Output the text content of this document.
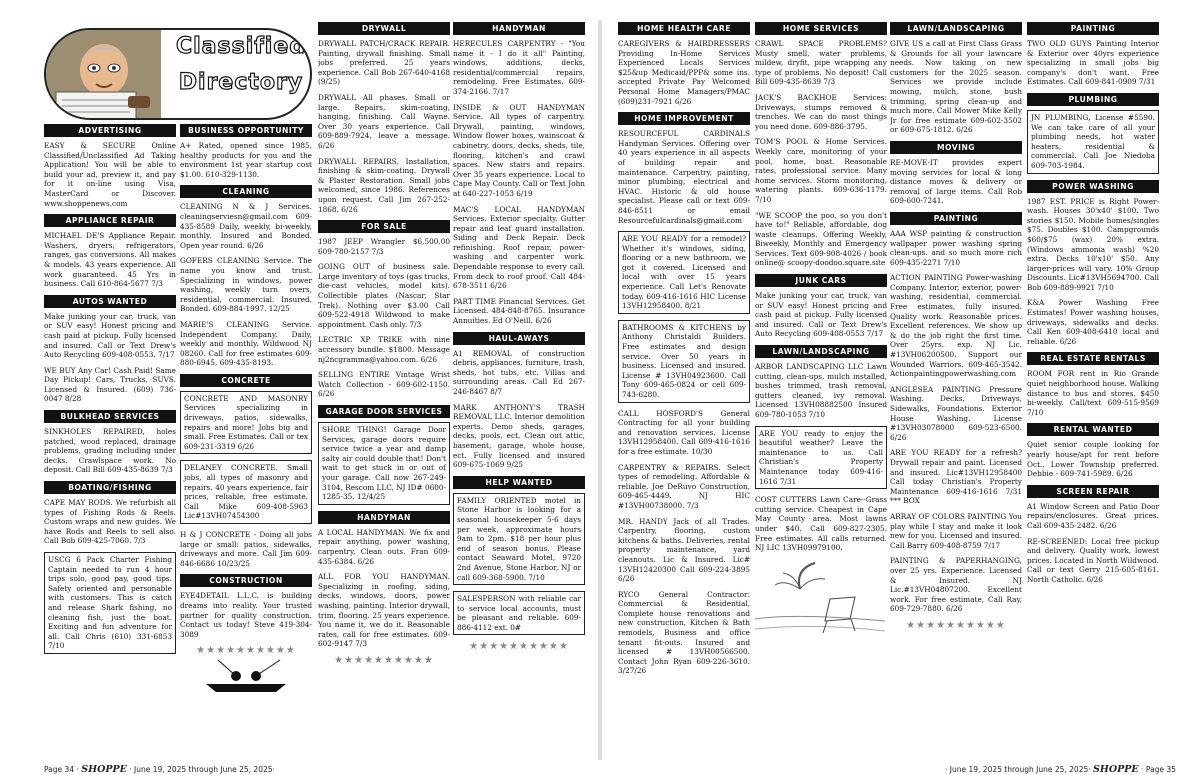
Classified
Directory
ADVERTISING
EASY & SECURE Online Classified/Unclassified Ad Taking Application! You will be able to build your ad, preview it, and pay for it on-line using Visa, MasterCard or Discover. www.shoppenews.com
APPLIANCE REPAIR
MICHAEL DE'S Appliance Repair. Washers, dryers, refrigerators, ranges, gas conversions. All makes & models. 43 years experience. All work guaranteed. 45 Yrs in business. Call 610-864-5677 7/3
AUTOS WANTED
Make junking your car, truck, van or SUV easy! Honest pricing and cash paid at pickup. Fully licensed and insured. Call or Text Drew's Auto Recycling 609-408-0553. 7/17
WE BUY Any Car! Cash Paid! Same Day Pickup! Cars, Trucks, SUVS. Licensed & Insured. (609) 736-0047 8/28
BULKHEAD SERVICES
SINKHOLES REPAIRED, holes patched, wood replaced, drainage problems, grading including under decks. Crawlspace work. No deposit. Call Bill 609-435-8639 7/3
BOATING/FISHING
CAPE MAY RODS. We refurbish all types of Fishing Rods & Reels. Custom wraps and new guides. We have Rods and Reels to sell also. Call Bob 609-425-7060. 7/3
USCG 6 Pack Charter Fishing Captain needed to run 4 hour trips solo, good pay, good tips. Safety oriented and personable with customers. This is catch and release Shark fishing, no cleaning fish, just the boat. Exciting and fun adventure for all. Call Chris (610) 331-6853 7/10
BUSINESS OPPORTUNITY
A+ Rated, opened since 1985, healthy products for you and the environment 1st year startup cost $1.00. 610-329-1130.
CLEANING
CLEANING N & J Services. cleaningserviesn@gmail.com 609-435-8589 Daily, weekly, bi-weekly, monthly. Insured and Bonded. Open year round. 6/26
GOFERS CLEANING Service. The name you know and trust. Specializing in windows, power washing, weekly turn overs, residential, commercial. Insured, Bonded. 609-884-1997. 12/25
MARIE'S CLEANING Service. Independent Company. Daily, weekly and monthly. Wildwood NJ 08260. Call for free estimates 609-880-6945, 609-435-8193.
CONCRETE
CONCRETE AND MASONRY Services specializing in driveways, patios, sidewalks, repairs and more! Jobs big and small. Free Estimates. Call or tex 609-231-3319 6/26
DELANEY CONCRETE. Small jobs, all types of masonry and repairs. 40 years experience, fair prices, reliable, free estimate. Call Mike 609-408-5963 Lic#13VH07454300
H & J CONCRETE - Doing all jobs large or small: patios, sidewalks, driveways and more. Call Jim 609-846-6686 10/23/25
CONSTRUCTION
EYE4DETAIL L.L.C. is building dreams into reality. Your trusted partner for quality construction. Contact us today! Steve 419-304-3089
★★★★★★★★★★
DRYWALL
DRYWALL PATCH/CRACK REPAIR. Painting, drywall finishing. Small jobs preferred. 25 years experience. Call Bob 267-640-4168 (9/25)
DRYWALL All phases. Small or large. Repairs, skim-coating, hanging, finishing. Call Wayne. Over 30 years experience. Call 609-889-7924, leave a message. 6/26
DRYWALL REPAIRS, Installation, finishing & skim-coating. Drywall & Plaster Restoration. Small jobs welcomed, since 1986. References upon request. Call Jim 267-252-1868. 6/26
FOR SALE
1987 JEEP Wrangler $6,500.00 609-780-2157 7/3
GOING OUT of business sale. Large inventory of toys (gas trucks, die-cast vehicles, model kits). Collectible plates (Nascar, Star Trek). Nothing over $3.00 Call 609-522-4918 Wildwood to make appointment. Cash only. 7/3
LECTRIC XP TRIKE with nine accessory bundle. $1800. Message nj2ncgramma@yahoo.com. 6/26
SELLING ENTIRE Vintage Wrist Watch Collection - 609-602-1150. 6/26
GARAGE DOOR SERVICES
SHORE THING! Garage Door Services, garage doors require service twice a year and damp salty air could double that! Don't wait to get stuck in or out of your garage. Call now 267-249-3104, Rescom LLC, NJ ID# 0600-1285-35. 12/4/25
HANDYMAN
A LOCAL HANDYMAN. We fix and repair anything, power washing, carpentry, Clean outs. Fran 609-435-6384. 6/26
ALL FOR YOU HANDYMAN. Specializing in roofing, siding, decks, windows, doors, power washing, painting. Interior drywall, trim, flooring. 25 years experience. You name it, we do it. Reasonable rates, call for free estimates. 609-602-9147 7/3
★★★★★★★★★★
HANDYMAN
HERECULES CARPENTRY - "You name it - I do it all" Painting, windows, additions, decks, residential/commercial repairs, remodeling. Free Estimates. 609-374-2166. 7/17
INSIDE & OUT HANDYMAN Service. All types of carpentry. Drywall, painting, windows, Window flower boxes, wainscoat & cabinetry, doors, decks, sheds, tile, flooring, kitchen's and crawl spaces. New stairs and repairs. Over 35 years experience. Local to Cape May County. Call or Text John at 640-227-1053 6/19
MAC'S LOCAL HANDYMAN Services. Exterior specialty. Gutter repair and leaf guard installation. Siding and Deck Repair. Deck refinishing. Roof repair, power-washing and carpenter work. Dependable response to every call. From deck to roof proof. Call 484-678-3511 6/26
PART TIME Financial Services. Get Licensed. 484-848-8765. Insurance Annuities. Ed O'Neill. 6/26
HAUL-AWAYS
A1 REMOVAL of construction debris, appliances, furniture, trash, sheds, hot tubs, etc. Villas and surrounding areas. Call Ed 267-246-8467 8/7
MARK ANTHONY'S TRASH REMOVAL LLC. Interior demolition experts. Demo sheds, garages, decks, pools, ect. Clean out attic, basement, garage, whole house, ect. Fully licensed and insured 609-675-1069 9/25
HELP WANTED
FAMILY ORIENTED motel in Stone Harbor is looking for a seasonal housekeeper 5-6 days per week, approximate hours 9am to 2pm. $18 per hour plus end of season bonus. Please contact Seaward Motel, 9720 2nd Avenue, Stone Harbor, NJ or call 609-368-5900. 7/10
SALESPERSON with reliable car to service local accounts, must be pleasant and reliable. 609-886-4112 ext. 0#
★★★★★★★★★★
HOME HEALTH CARE
CAREGIVERS & HAIRDRESSERS Providing In-Home Services Experienced Locals Services $25&up Medicaid/PPP& some ins. accepted Private Pay Welcomed Personal Home Managers/PMAC (609)231-7921 6/26
HOME IMPROVEMENT
RESOURCEFUL CARDINALS Handyman Services. Offering over 40 years experience in all aspects of building repair and maintenance. Carpentry, painting, minor plumbing, electrical and HVAC. Historic & old house specialist. Please call or text 609-846-8511 or email Resourcefulcardinals@gmail.com
ARE YOU READY for a remodel? Whether it's windows, siding, flooring or a new bathroom, we got it covered. Licensed and local with over 15 years experience. Call Let's Renovate today. 609-416-1616 HIC License 13VH12958400. 8/21
BATHROOMS & KITCHENS by Anthony Christaldi Builders. Free estimates and design service. Over 50 years in business. Licensed and insured. License # 13VH04923600. Call Tony 609-465-0824 or cell 609-743-6280.
CALL HOSFORD'S General Contracting for all your building and renovation services. License 13VH12958400. Call 609-416-1616 for a free estimate. 10/30
CARPENTRY & REPAIRS. Select types of remodeling. Affordable & reliable. Joe DeRuvo Construction, 609-465-4449. NJ HIC #13VH00738000. 7/3
MR. HANDY Jack of all Trades. Carpentry, flooring, custom kitchens & baths. Deliveries, rental property maintenance, yard cleanouts. Lic & Insured. Lic# 13VH12420300 Call 609-224-3895 6/26
RYCO General Contractor: Commercial & Residential, Complete house renovations and new construction, Kitchen & Bath remodels, Business and office tenant fit-outs. Insured and licensed # 13VH00566500. Contact John Ryan 609-226-3610. 3/27/26
HOME SERVICES
CRAWL SPACE PROBLEMS? Musty smell, water problems, mildew, dryfit, pipe wrapping any type of problems. No deposit! Call Bill 609-435-8639 7/3
JACK'S BACKHOE Services: Driveways, stumps removed & trenches. We can do most things you need done. 609-886-3795.
TOM'S POOL & Home Services. Weekly care, monitoring of your pool, home, boat. Reasonable rates, professional service. Many home services. Storm monitoring, watering plants. 609-636-1179. 7/10
"WE SCOOP the poo, so you don't have to!" Reliable, affordable, dog waste cleanups. Offering Weekly, Biweekly, Monthly and Emergency Services. Text 609-908-4026 / book online@ scoopy-doodoo.square.site
JUNK CARS
Make junking your car, truck, van or SUV easy! Honest pricing and cash paid at pickup. Fully licensed and insured. Call or Text Drew's Auto Recycling 609-408-0553 7/17
LAWN/LANDSCAPING
ARBOR LANDSCAPING LLC Lawn cutting, clean-ups, mulch installed, bushes trimmed, trash removal, gutters cleaned, ivy removal. Licensed 13VH08882500 Insured 609-780-1053 7/10
ARE YOU ready to enjoy the beautiful weather? Leave the maintenance to us. Call Christian's Property Maintenance today 609-416-1616 7/31
COST CUTTERS Lawn Care--Grass cutting service. Cheapest in Cape May County area. Most lawns under $40. Call 609-827-2305. Free estimates. All calls returned. NJ LIC 13VH09979100.
LAWN/LANDSCAPING
GIVE US a call at First Class Grass & Grounds for all your lawncare needs. Now taking on new customers for the 2025 season. Services we provide include mowing, mulch, stone, bush trimming, spring clean-up and much more. Call Mower Mike Kelly Jr for free estimate 609-602-3502 or 609-675-1812. 6/26
MOVING
RE-MOVE-IT provides expert moving services for local & long distance moves & delivery or removal of large items. Call Rob 609-600-7241.
PAINTING
AAA WSP painting & construction wallpaper power washing spring clean-ups. and so much more rich 609-435-2271 7/10
ACTION PAINTING Power-washing Company. Interior, exterior, power-washing, residential, commercial. Free estimates, fully insured. Quality work. Reasonable prices. Excellent references. We show up & do the job right the first time. Over 25yrs. exp. NJ Lic. #13VH06200500. Support our Wounded Warriors. 609-465-3542. Actionpaintingpowerwashing.com
ANGLESEA PAINTING Pressure Washing. Decks, Driveways, Sidewalks, Foundations. Exterior House Washing. License #13VH03078000 609-523-6500. 6/26
ARE YOU READY for a refresh? Drywall repair and paint. Licensed and insured. Lic#13VH12958400 Call today Christian's Property Maintenance 609-416-1616 7/31 *** BOX
ARRAY OF COLORS PAINTING You play while I stay and make it look new for you. Licensed and insured. Call Barry 609-408-8759 7/17
PAINTING & PAPERHANGING, over 25 yrs. Experience. Licensed & Insured. NJ Lic.#13VH04807200. Excellent work. For free estimate, Call Ray, 609-729-7880. 6/26
★★★★★★★★★★
PAINTING
TWO OLD GUYS Painting Interior & Exterior over 40yrs experience specializing in small jobs big company's don't want. Free Estimates. Call 609-841-0909 7/31
PLUMBING
JN PLUMBING, License #5590. We can take care of all your plumbing needs, hot water heaters, residential & commercial. Call Joe Niedoba 609-703-1984.
POWER WASHING
1987 EST. PRICE is Right Power-wash. Houses 30'x40' $100. Two stories $150. Mobile homes/singles $75. Doubles $100. Campgrounds $60/$75 (wax) 20% extra. (Windows ammonia wash) %20 extra. Decks 10'x10' $50. Any larger-prices will vary. 10% Group Discounts. Lic#13VH5694700. Call Bob 609-889-9921 7/10
K&A Power Washing Free Estimates! Power washing houses, driveways, sidewalks and decks. Call Ken 609-408-6410 local and reliable. 6/26
REAL ESTATE RENTALS
ROOM FOR rent in Rio Grande quiet neighborhood house. Walking distance to bus and stores. $450 bi-weekly. Call/text 609-515-9569 7/10
RENTAL WANTED
Quiet senior couple looking for yearly house/apt for rent before Oct., Lower Township preferred. Debbie - 609-741-5989. 6/26
SCREEN REPAIR
A1 Window Screen and Patio Door repairs/enclosures. Great prices. Call 609-435-2482. 6/26
RE-SCREENED: Local free pickup and delivery. Quality work, lowest prices. Located in North Wildwood. Call or text Gerry 215-605-8161. North Catholic. 6/26
Page 34 · SHOPPE · June 19, 2025 through June 25, 2025·	· June 19, 2025 through June 25, 2025· SHOPPE · Page 35
